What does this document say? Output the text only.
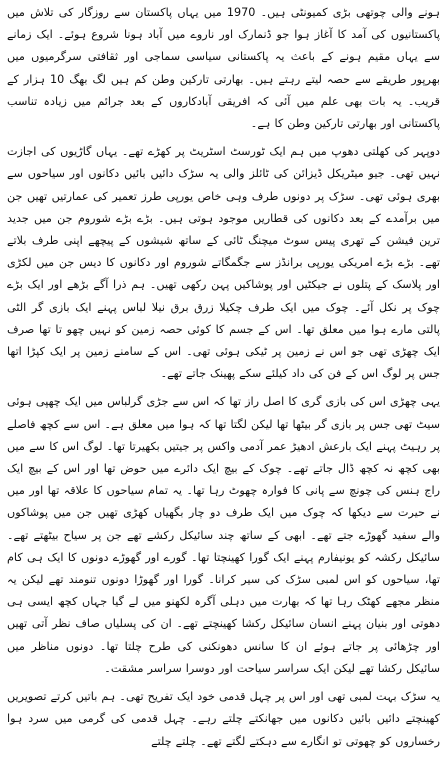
ہونے والی چوتھی بڑی کمیونٹی ہیں۔ 1970 میں یہاں پاکستان سے روزگار کی تلاش میں پاکستانیوں کی آمد کا آغاز ہوا جو ڈنمارک اور ناروے میں آباد ہونا شروع ہوئے۔ ایک زمانے سے یہاں مقیم ہونے کے باعث یہ پاکستانی سیاسی سماجی اور ثقافتی سرگرمیوں میں بھرپور طریقے سے حصہ لیتے رہتے ہیں۔ بھارتی تارکین وطن کم ہیں لگ بھگ 10 ہزار کے قریب۔ یہ بات بھی علم میں آئی کہ افریقی آبادکاروں کے بعد جرائم میں زیادہ تناسب پاکستانی اور بھارتی تارکین وطن کا ہے۔

دوپہر کی کھلتی دھوپ میں ہم ایک ٹورسٹ اسٹریٹ پر کھڑے تھے۔ یہاں گاڑیوں کی اجازت نہیں تھی۔ جیو میٹریکل ڈیزائن کی ٹائلز والی یہ سڑک دائیں بائیں دکانوں اور سیاحوں سے بھری ہوئی تھی۔ سڑک پر دونوں طرف وہی خاص یورپی طرز تعمیر کی عمارتیں تھیں جن میں برآمدے کے بعد دکانوں کی قطاریں موجود ہوتی ہیں۔ بڑے بڑے شوروم جن میں جدید ترین فیشن کے تھری پیس سوٹ میچنگ ٹائی کے ساتھ شیشوں کے پیچھے اپنی طرف بلاتے تھے۔ بڑے بڑے امریکی یورپی برانڈز سے جگمگاتے شوروم اور دکانوں کا دیس جن میں لکڑی اور پلاسک کے پتلوں نے جیکٹیں اور پوشاکیں پہن رکھی تھیں۔ ہم ذرا آگے بڑھے اور ایک بڑے چوک پر نکل آئے۔ چوک میں ایک طرف چکیلا زرق برق نیلا لباس پہنے ایک بازی گر الٹی پالتی مارے ہوا میں معلق تھا۔ اس کے جسم کا کوئی حصہ زمین کو نہیں چھو تا تھا صرف ایک چھڑی تھی جو اس نے زمین پر ٹیکی ہوئی تھی۔ اس کے سامنے زمین پر ایک کپڑا اتھا جس پر لوگ اس کے فن کی داد کیلئے سکے پھینک جاتے تھے۔

یہی چھڑی اس کی بازی گری کا اصل راز تھا کہ اس سے جڑی گرلباس میں ایک چھپی ہوئی سیٹ تھی جس پر بازی گر بیٹھا تھا لیکن لگتا تھا کہ ہوا میں معلق ہے۔ اس سے کچھ فاصلے پر رہیٹ پہنے ایک بارعش ادھیڑ عمر آدمی واکس پر جیتیں بکھیرتا تھا۔ لوگ اس کا سے میں بھی کچھ نہ کچھ ڈال جاتے تھے۔ چوک کے بیچ ایک دائرے میں حوض تھا اور اس کے بیچ ایک راج ہنس کی چونچ سے پانی کا فوارہ چھوٹ رہا تھا۔ یہ تمام سیاحوں کا علاقہ تھا اور میں نے حیرت سے دیکھا کہ چوک میں ایک طرف دو چار بگھیاں کھڑی تھیں جن میں پوشاکوں والے سفید گھوڑے جتے تھے۔ ابھی کے ساتھ چند سائیکل رکشے تھے جن پر سیاح بیٹھتے تھے۔ سائیکل رکشہ کو یونیفارم پہنے ایک گورا کھینچتا تھا۔ گورے اور گھوڑے دونوں کا ایک ہی کام تھا، سیاحوں کو اس لمبی سڑک کی سیر کرانا۔ گورا اور گھوڑا دونوں تنومند تھے لیکن یہ منظر مجھے کھٹک رہا تھا کہ بھارت میں دہلی آگرہ لکھنو میں لے گیا جہاں کچھ ایسی ہی دھوتی اور بنیان پہنے انسان سائیکل رکشا کھینچتے تھے۔ ان کی پسلیاں صاف نظر آتی تھیں اور چڑھائی پر جاتے ہوئے ان کا سانس دھونکنی کی طرح چلتا تھا۔ دونوں مناظر میں سائیکل رکشا تھے لیکن ایک سراسر سیاحت اور دوسرا سراسر مشقت۔

یہ سڑک بہت لمبی تھی اور اس پر چہل قدمی خود ایک تفریح تھی۔ ہم باتیں کرتے تصویریں کھینچتے دائیں بائیں دکانوں میں جھانکتے چلتے رہے۔ چہل قدمی کی گرمی میں سرد ہوا رخساروں کو چھوتی تو انگارے سے دہکتے لگتے تھے۔ چلتے چلتے
